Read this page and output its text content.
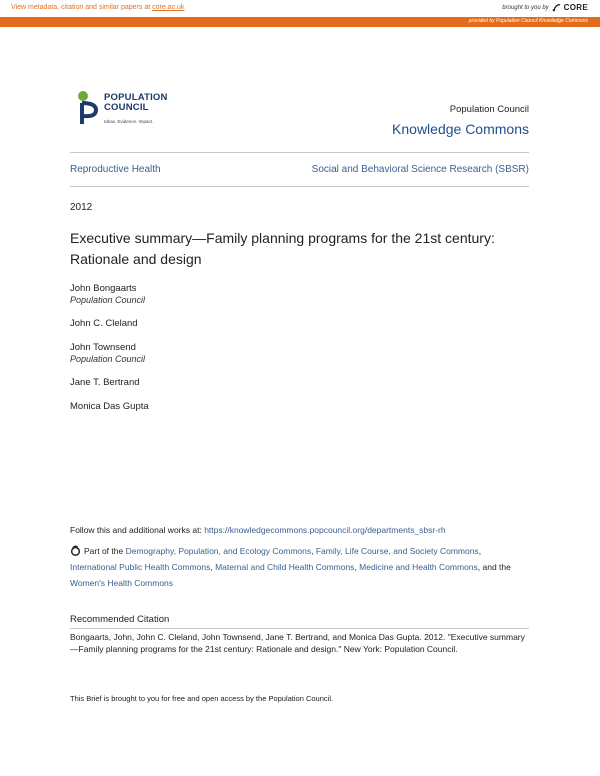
View metadata, citation and similar papers at core.ac.uk	brought to you by CORE
provided by Population Council Knowledge Commons
POPULATION
COUNCIL
Ideas. Evidence. Impact.
Population Council
Knowledge Commons
Reproductive Health	Social and Behavioral Science Research (SBSR)
2012
Executive summary—Family planning programs for the 21st century: Rationale and design
John Bongaarts
Population Council
John C. Cleland
John Townsend
Population Council
Jane T. Bertrand
Monica Das Gupta
Follow this and additional works at: https://knowledgecommons.popcouncil.org/departments_sbsr-rh
Part of the Demography, Population, and Ecology Commons, Family, Life Course, and Society Commons, International Public Health Commons, Maternal and Child Health Commons, Medicine and Health Commons, and the Women's Health Commons
Recommended Citation
Bongaarts, John, John C. Cleland, John Townsend, Jane T. Bertrand, and Monica Das Gupta. 2012. "Executive summary—Family planning programs for the 21st century: Rationale and design." New York: Population Council.
This Brief is brought to you for free and open access by the Population Council.
